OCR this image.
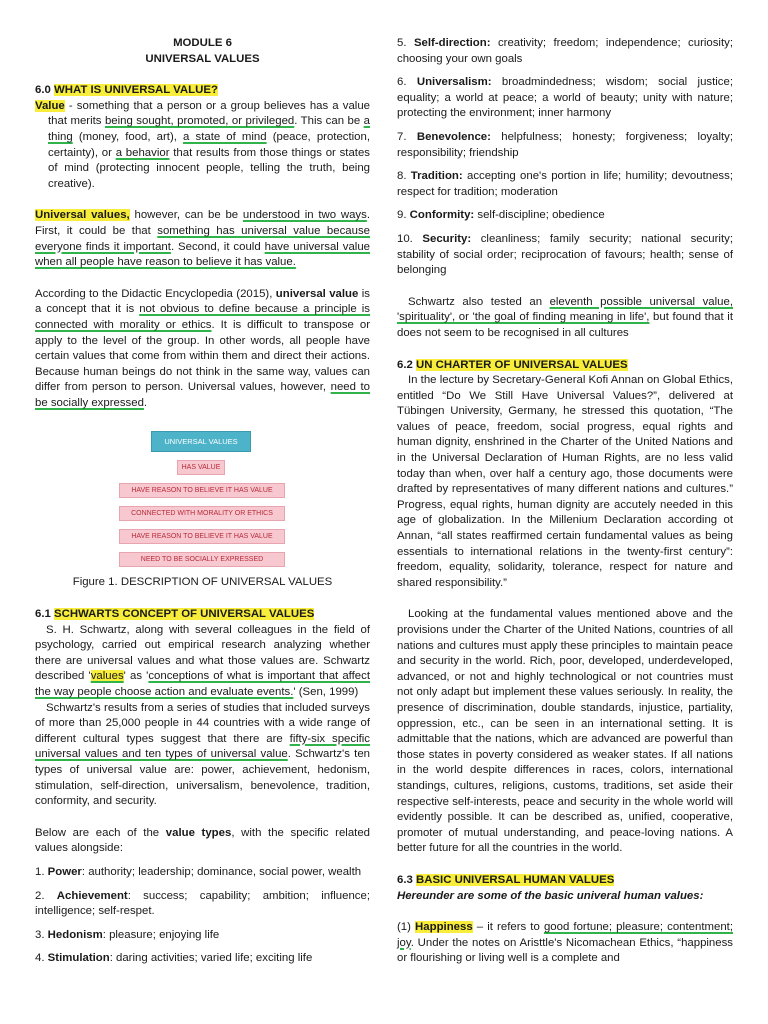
MODULE 6

UNIVERSAL VALUES

6.0 WHAT IS UNIVERSAL VALUE?

Value - something that a person or a group believes has a value that merits being sought, promoted, or privileged. This can be a thing (money, food, art), a state of mind (peace, protection, certainty), or a behavior that results from those things or states of mind (protecting innocent people, telling the truth, being creative).

Universal values, however, can be be understood in two ways. First, it could be that something has universal value because everyone finds it important. Second, it could have universal value when all people have reason to believe it has value.

According to the Didactic Encyclopedia (2015), universal value is a concept that it is not obvious to define because a principle is connected with morality or ethics. It is difficult to transpose or apply to the level of the group. In other words, all people have certain values that come from within them and direct their actions. Because human beings do not think in the same way, values can differ from person to person. Universal values, however, need to be socially expressed.

UNIVERSAL VALUES
HAS VALUE
HAVE REASON TO BELIEVE IT HAS VALUE
CONNECTED WITH MORALITY OR ETHICS
HAVE REASON TO BELIEVE IT HAS VALUE
NEED TO BE SOCIALLY EXPRESSED

Figure 1. DESCRIPTION OF UNIVERSAL VALUES

6.1 SCHWARTS CONCEPT OF UNIVERSAL VALUES

S. H. Schwartz, along with several colleagues in the field of psychology, carried out empirical research analyzing whether there are universal values and what those values are. Schwartz described 'values' as 'conceptions of what is important that affect the way people choose action and evaluate events.' (Sen, 1999)

Schwartz's results from a series of studies that included surveys of more than 25,000 people in 44 countries with a wide range of different cultural types suggest that there are fifty-six specific universal values and ten types of universal value. Schwartz's ten types of universal value are: power, achievement, hedonism, stimulation, self-direction, universalism, benevolence, tradition, conformity, and security.

Below are each of the value types, with the specific related values alongside:

1. Power: authority; leadership; dominance, social power, wealth

2. Achievement: success; capability; ambition; influence; intelligence; self-respet.

3. Hedonism: pleasure; enjoying life

4. Stimulation: daring activities; varied life; exciting life

5. Self-direction: creativity; freedom; independence; curiosity; choosing your own goals

6. Universalism: broadmindedness; wisdom; social justice; equality; a world at peace; a world of beauty; unity with nature; protecting the environment; inner harmony

7. Benevolence: helpfulness; honesty; forgiveness; loyalty; responsibility; friendship

8. Tradition: accepting one's portion in life; humility; devoutness; respect for tradition; moderation

9. Conformity: self-discipline; obedience

10. Security: cleanliness; family security; national security; stability of social order; reciprocation of favours; health; sense of belonging

Schwartz also tested an eleventh possible universal value, 'spirituality', or 'the goal of finding meaning in life', but found that it does not seem to be recognised in all cultures

6.2 UN CHARTER OF UNIVERSAL VALUES

In the lecture by Secretary-General Kofi Annan on Global Ethics, entitled “Do We Still Have Universal Values?”, delivered at Tübingen University, Germany, he stressed this quotation, “The values of peace, freedom, social progress, equal rights and human dignity, enshrined in the Charter of the United Nations and in the Universal Declaration of Human Rights, are no less valid today than when, over half a century ago, those documents were drafted by representatives of many different nations and cultures.” Progress, equal rights, human dignity are accutely needed in this age of globalization. In the Millenium Declaration according ot Annan, “all states reaffirmed certain fundamental values as being essentials to international relations in the twenty-first century”: freedom, equality, solidarity, tolerance, respect for nature and shared responsibility.”

Looking at the fundamental values mentioned above and the provisions under the Charter of the United Nations, countries of all nations and cultures must apply these principles to maintain peace and security in the world. Rich, poor, developed, underdeveloped, advanced, or not and highly technological or not countries must not only adapt but implement these values seriously. In reality, the presence of discrimination, double standards, injustice, partiality, oppression, etc., can be seen in an international setting. It is admittable that the nations, which are advanced are powerful than those states in poverty considered as weaker states. If all nations in the world despite differences in races, colors, international standings, cultures, religions, customs, traditions, set aside their respective self-interests, peace and security in the whole world will evidently possible. It can be described as, unified, cooperative, promoter of mutual understanding, and peace-loving nations. A better future for all the countries in the world.

6.3 BASIC UNIVERSAL HUMAN VALUES

Hereunder are some of the basic univeral human values:

(1) Happiness – it refers to good fortune; pleasure; contentment; joy. Under the notes on Aristtle's Nicomachean Ethics, “happiness or flourishing or living well is a complete and
